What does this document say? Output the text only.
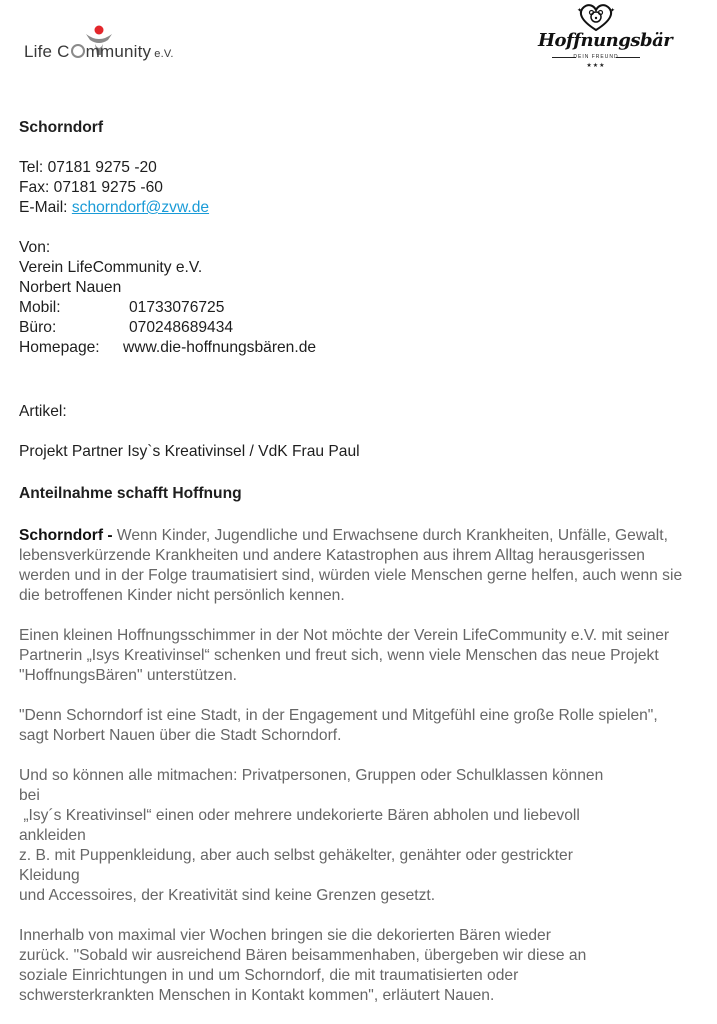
Life C mmunity e.V.
✦	✦
Hoffnungsbär
DEIN FREUND
★★★

Schorndorf

Tel: 07181 9275 -20

Fax: 07181 9275 -60

E-Mail: schorndorf@zvw.de

Von:

Verein LifeCommunity e.V.

Norbert Nauen

Mobil:	01733076725

Büro:	070248689434

Homepage: www.die-hoffnungsbären.de

Artikel:

Projekt Partner Isy`s Kreativinsel / VdK Frau Paul

Anteilnahme schafft Hoffnung

Schorndorf - Wenn Kinder, Jugendliche und Erwachsene durch Krankheiten, Unfälle, Gewalt, lebensverkürzende Krankheiten und andere Katastrophen aus ihrem Alltag herausgerissen werden und in der Folge traumatisiert sind, würden viele Menschen gerne helfen, auch wenn sie die betroffenen Kinder nicht persönlich kennen.

Einen kleinen Hoffnungsschimmer in der Not möchte der Verein LifeCommunity e.V. mit seiner Partnerin „Isys Kreativinsel“ schenken und freut sich, wenn viele Menschen das neue Projekt "HoffnungsBären" unterstützen.

"Denn Schorndorf ist eine Stadt, in der Engagement und Mitgefühl eine große Rolle spielen", sagt Norbert Nauen über die Stadt Schorndorf.

Und so können alle mitmachen: Privatpersonen, Gruppen oder Schulklassen können
bei
„Isy´s Kreativinsel“ einen oder mehrere undekorierte Bären abholen und liebevoll
ankleiden
z. B. mit Puppenkleidung, aber auch selbst gehäkelter, genähter oder gestrickter
Kleidung
und Accessoires, der Kreativität sind keine Grenzen gesetzt.
Innerhalb von maximal vier Wochen bringen sie die dekorierten Bären wieder
zurück. "Sobald wir ausreichend Bären beisammenhaben, übergeben wir diese an
soziale Einrichtungen in und um Schorndorf, die mit traumatisierten oder
schwersterkrankten Menschen in Kontakt kommen", erläutert Nauen.
